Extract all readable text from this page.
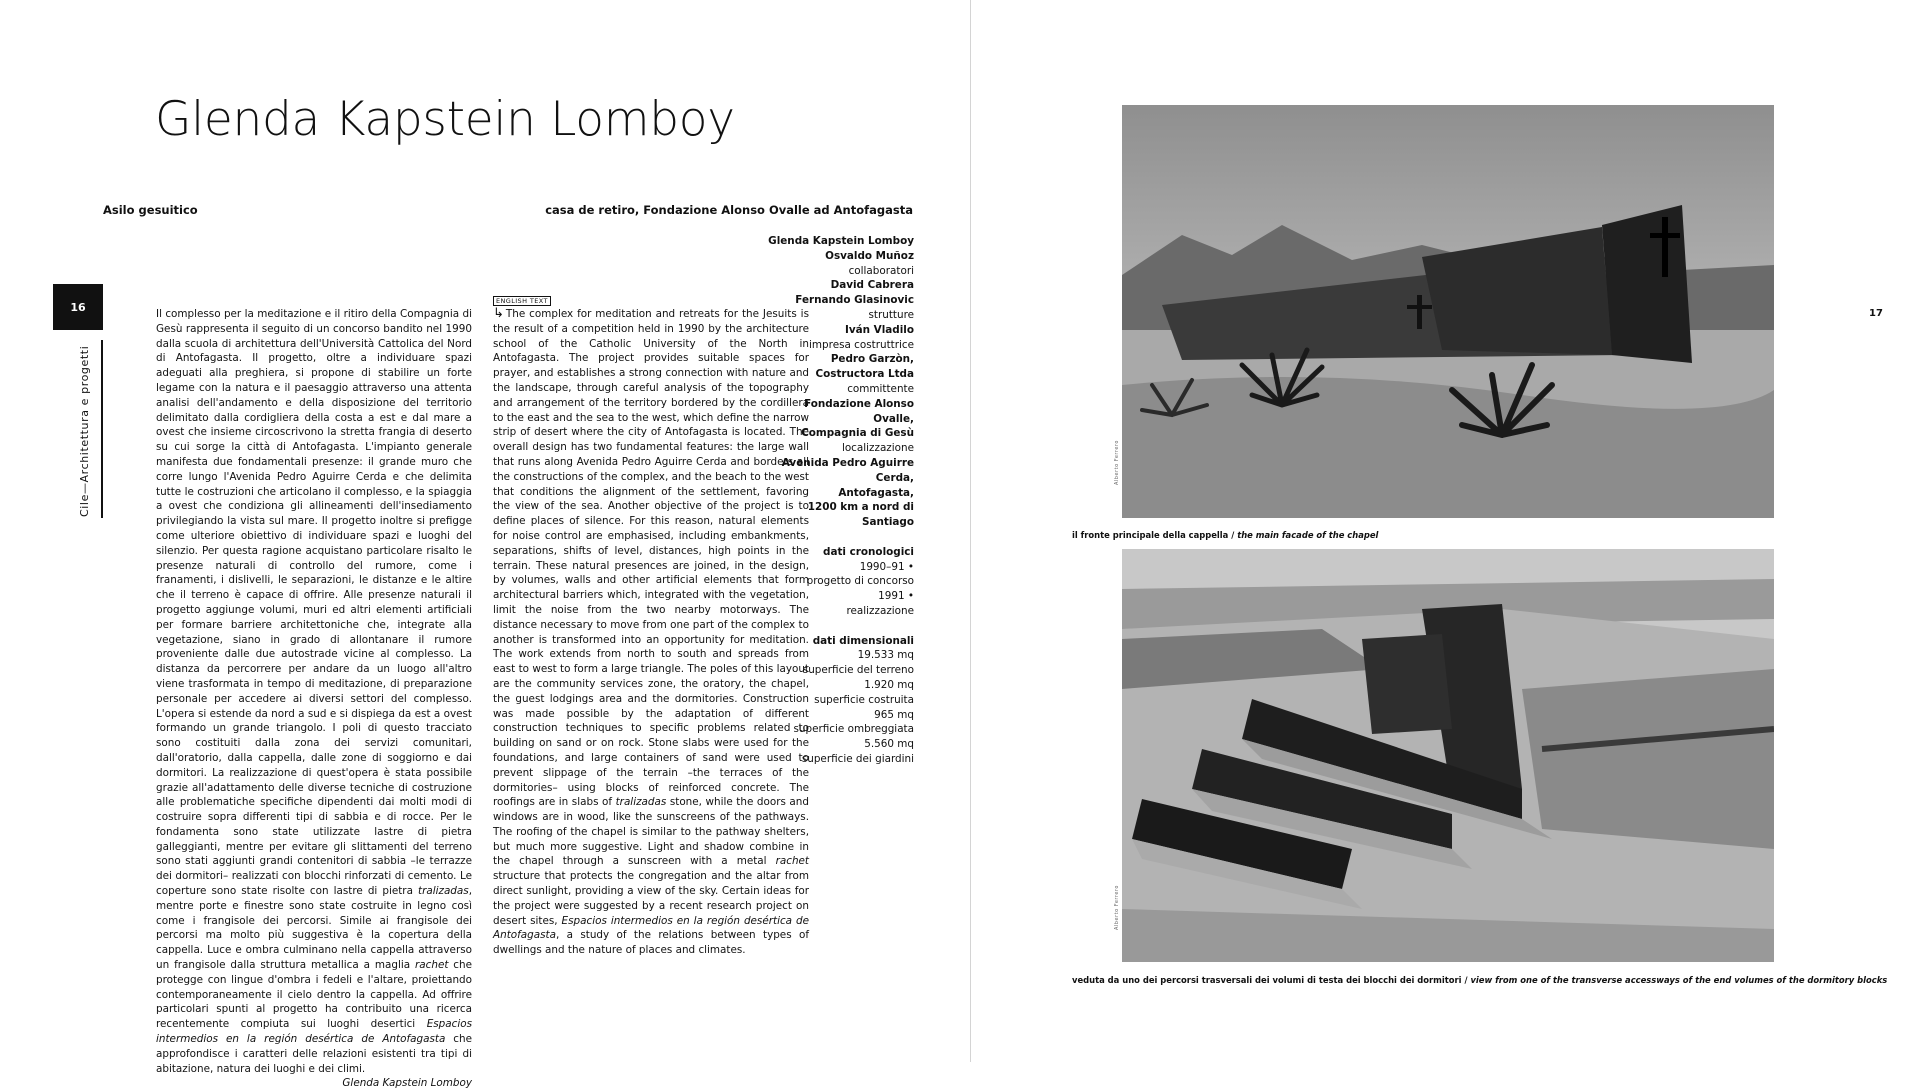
Glenda Kapstein Lomboy
Asilo gesuitico	casa de retiro, Fondazione Alonso Ovalle ad Antofagasta
16
Cile—Architettura e progetti

Il complesso per la meditazione e il ritiro della Compagnia di Gesù rappresenta il seguito di un concorso bandito nel 1990 dalla scuola di architettura dell'Università Cattolica del Nord di Antofagasta. Il progetto, oltre a individuare spazi adeguati alla preghiera, si propone di stabilire un forte legame con la natura e il paesaggio attraverso una attenta analisi dell'andamento e della disposizione del territorio delimitato dalla cordigliera della costa a est e dal mare a ovest che insieme circoscrivono la stretta frangia di deserto su cui sorge la città di Antofagasta. L'impianto generale manifesta due fondamentali presenze: il grande muro che corre lungo l'Avenida Pedro Aguirre Cerda e che delimita tutte le costruzioni che articolano il complesso, e la spiaggia a ovest che condiziona gli allineamenti dell'insediamento privilegiando la vista sul mare. Il progetto inoltre si prefigge come ulteriore obiettivo di individuare spazi e luoghi del silenzio. Per questa ragione acquistano particolare risalto le presenze naturali di controllo del rumore, come i franamenti, i dislivelli, le separazioni, le distanze e le altire che il terreno è capace di offrire. Alle presenze naturali il progetto aggiunge volumi, muri ed altri elementi artificiali per formare barriere architettoniche che, integrate alla vegetazione, siano in grado di allontanare il rumore proveniente dalle due autostrade vicine al complesso. La distanza da percorrere per andare da un luogo all'altro viene trasformata in tempo di meditazione, di preparazione personale per accedere ai diversi settori del complesso. L'opera si estende da nord a sud e si dispiega da est a ovest formando un grande triangolo. I poli di questo tracciato sono costituiti dalla zona dei servizi comunitari, dall'oratorio, dalla cappella, dalle zone di soggiorno e dai dormitori. La realizzazione di quest'opera è stata possibile grazie all'adattamento delle diverse tecniche di costruzione alle problematiche specifiche dipendenti dai molti modi di costruire sopra differenti tipi di sabbia e di rocce. Per le fondamenta sono state utilizzate lastre di pietra galleggianti, mentre per evitare gli slittamenti del terreno sono stati aggiunti grandi contenitori di sabbia –le terrazze dei dormitori– realizzati con blocchi rinforzati di cemento. Le coperture sono state risolte con lastre di pietra tralizadas, mentre porte e finestre sono state costruite in legno così come i frangisole dei percorsi. Simile ai frangisole dei percorsi ma molto più suggestiva è la copertura della cappella. Luce e ombra culminano nella cappella attraverso un frangisole dalla struttura metallica a maglia rachet che protegge con lingue d'ombra i fedeli e l'altare, proiettando contemporaneamente il cielo dentro la cappella. Ad offrire particolari spunti al progetto ha contribuito una ricerca recentemente compiuta sui luoghi desertici Espacios intermedios en la región desértica de Antofagasta che approfondisce i caratteri delle relazioni esistenti tra tipi di abitazione, natura dei luoghi e dei climi.

Glenda Kapstein Lomboy
ENGLISH TEXT

↳ The complex for meditation and retreats for the Jesuits is the result of a competition held in 1990 by the architecture school of the Catholic University of the North in Antofagasta. The project provides suitable spaces for prayer, and establishes a strong connection with nature and the landscape, through careful analysis of the topography and arrangement of the territory bordered by the cordillera to the east and the sea to the west, which define the narrow strip of desert where the city of Antofagasta is located. The overall design has two fundamental features: the large wall that runs along Avenida Pedro Aguirre Cerda and borders all the constructions of the complex, and the beach to the west that conditions the alignment of the settlement, favoring the view of the sea. Another objective of the project is to define places of silence. For this reason, natural elements for noise control are emphasised, including embankments, separations, shifts of level, distances, high points in the terrain. These natural presences are joined, in the design, by volumes, walls and other artificial elements that form architectural barriers which, integrated with the vegetation, limit the noise from the two nearby motorways. The distance necessary to move from one part of the complex to another is transformed into an opportunity for meditation. The work extends from north to south and spreads from east to west to form a large triangle. The poles of this layout are the community services zone, the oratory, the chapel, the guest lodgings area and the dormitories. Construction was made possible by the adaptation of different construction techniques to specific problems related to building on sand or on rock. Stone slabs were used for the foundations, and large containers of sand were used to prevent slippage of the terrain –the terraces of the dormitories– using blocks of reinforced concrete. The roofings are in slabs of tralizadas stone, while the doors and windows are in wood, like the sunscreens of the pathways. The roofing of the chapel is similar to the pathway shelters, but much more suggestive. Light and shadow combine in the chapel through a sunscreen with a metal rachet structure that protects the congregation and the altar from direct sunlight, providing a view of the sky. Certain ideas for the project were suggested by a recent research project on desert sites, Espacios intermedios en la región desértica de Antofagasta, a study of the relations between types of dwellings and the nature of places and climates.

Glenda Kapstein Lomboy
Osvaldo Muñoz
collaboratori
David Cabrera
Fernando Glasinovic
strutture
Iván Vladilo
impresa costruttrice
Pedro Garzòn,
Costructora Ltda
committente
Fondazione Alonso Ovalle,
Compagnia di Gesù
localizzazione
Avenida Pedro Aguirre Cerda,
Antofagasta,
1200 km a nord di Santiago
dati cronologici
1990–91 •
progetto di concorso
1991 •
realizzazione
dati dimensionali
19.533 mq
superficie del terreno
1.920 mq
superficie costruita
965 mq
superficie ombreggiata
5.560 mq
superficie dei giardini
17
Alberto Ferrero
il fronte principale della cappella / the main facade of the chapel
Alberto Ferrero
veduta da uno dei percorsi trasversali dei volumi di testa dei blocchi dei dormitori / view from one of the transverse accessways of the end volumes of the dormitory blocks
